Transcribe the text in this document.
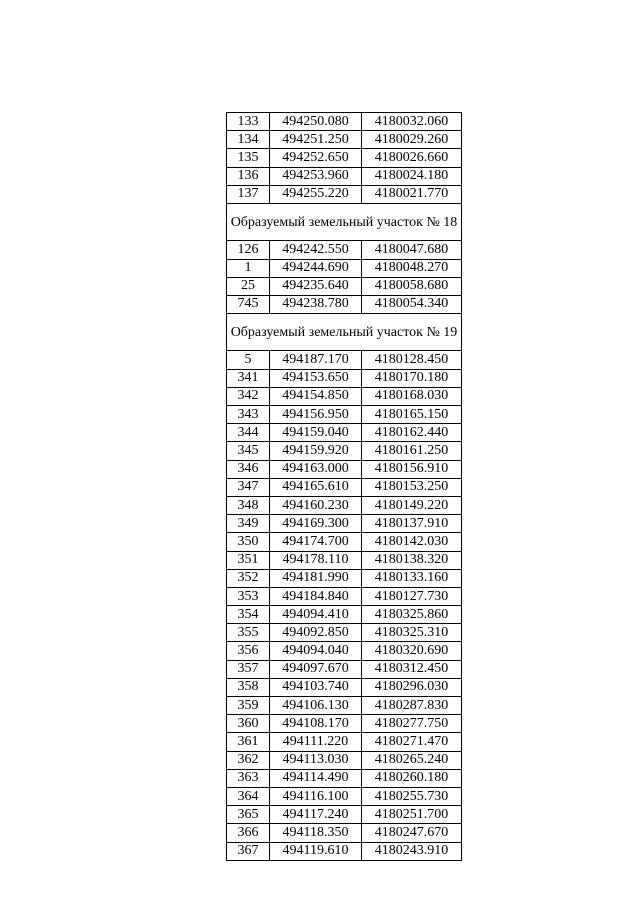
133	494250.080	4180032.060
134	494251.250	4180029.260
135	494252.650	4180026.660
136	494253.960	4180024.180
137	494255.220	4180021.770
Образуемый земельный участок № 18		
126	494242.550	4180047.680
1	494244.690	4180048.270
25	494235.640	4180058.680
745	494238.780	4180054.340
Образуемый земельный участок № 19		
5	494187.170	4180128.450
341	494153.650	4180170.180
342	494154.850	4180168.030
343	494156.950	4180165.150
344	494159.040	4180162.440
345	494159.920	4180161.250
346	494163.000	4180156.910
347	494165.610	4180153.250
348	494160.230	4180149.220
349	494169.300	4180137.910
350	494174.700	4180142.030
351	494178.110	4180138.320
352	494181.990	4180133.160
353	494184.840	4180127.730
354	494094.410	4180325.860
355	494092.850	4180325.310
356	494094.040	4180320.690
357	494097.670	4180312.450
358	494103.740	4180296.030
359	494106.130	4180287.830
360	494108.170	4180277.750
361	494111.220	4180271.470
362	494113.030	4180265.240
363	494114.490	4180260.180
364	494116.100	4180255.730
365	494117.240	4180251.700
366	494118.350	4180247.670
367	494119.610	4180243.910
